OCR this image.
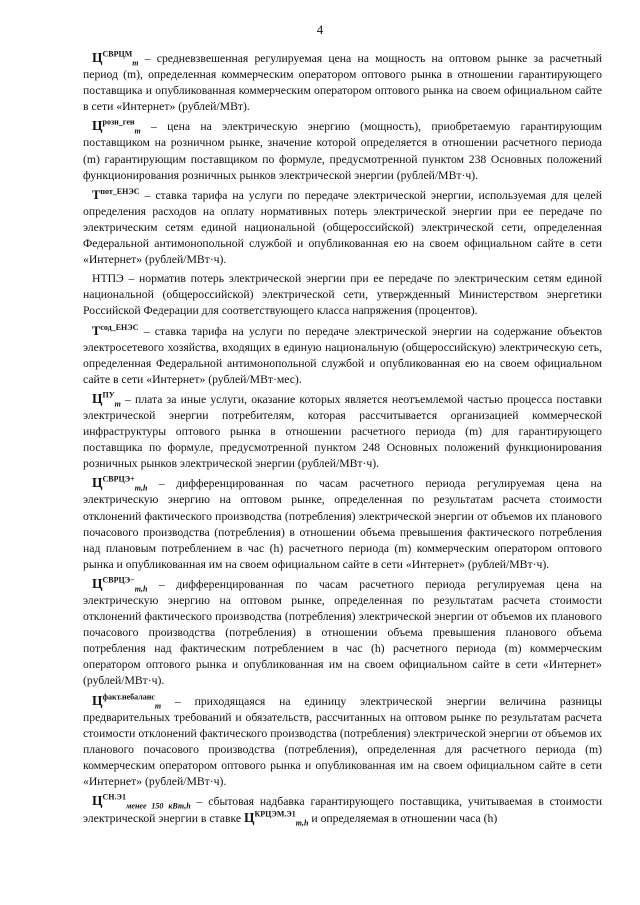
4

$Ц^{СВРЦМ}_m$ – средневзвешенная регулируемая цена на мощность на оптовом рынке за расчетный период (m), определенная коммерческим оператором оптового рынка в отношении гарантирующего поставщика и опубликованная коммерческим оператором оптового рынка на своем официальном сайте в сети «Интернет» (рублей/МВт).

$Ц^{розн\_ген}_m$ – цена на электрическую энергию (мощность), приобретаемую гарантирующим поставщиком на розничном рынке, значение которой определяется в отношении расчетного периода (m) гарантирующим поставщиком по формуле, предусмотренной пунктом 238 Основных положений функционирования розничных рынков электрической энергии (рублей/МВт·ч).

$Т^{пот\_ЕНЭС}$ – ставка тарифа на услуги по передаче электрической энергии, используемая для целей определения расходов на оплату нормативных потерь электрической энергии при ее передаче по электрическим сетям единой национальной (общероссийской) электрической сети, определенная Федеральной антимонопольной службой и опубликованная ею на своем официальном сайте в сети «Интернет» (рублей/МВт·ч).

НТПЭ – норматив потерь электрической энергии при ее передаче по электрическим сетям единой национальной (общероссийской) электрической сети, утвержденный Министерством энергетики Российской Федерации для соответствующего класса напряжения (процентов).

$Т^{сод\_ЕНЭС}$ – ставка тарифа на услуги по передаче электрической энергии на содержание объектов электросетевого хозяйства, входящих в единую национальную (общероссийскую) электрическую сеть, определенная Федеральной антимонопольной службой и опубликованная ею на своем официальном сайте в сети «Интернет» (рублей/МВт·мес).

$Ц^{ПУ}_m$ – плата за иные услуги, оказание которых является неотъемлемой частью процесса поставки электрической энергии потребителям, которая рассчитывается организацией коммерческой инфраструктуры оптового рынка в отношении расчетного периода (m) для гарантирующего поставщика по формуле, предусмотренной пунктом 248 Основных положений функционирования розничных рынков электрической энергии (рублей/МВт·ч).

$Ц^{СВРЦЭ+}_{m,h}$ – дифференцированная по часам расчетного периода регулируемая цена на электрическую энергию на оптовом рынке, определенная по результатам расчета стоимости отклонений фактического производства (потребления) электрической энергии от объемов их планового почасового производства (потребления) в отношении объема превышения фактического потребления над плановым потреблением в час (h) расчетного периода (m) коммерческим оператором оптового рынка и опубликованная им на своем официальном сайте в сети «Интернет» (рублей/МВт·ч).

$Ц^{СВРЦЭ-}_{m,h}$ – дифференцированная по часам расчетного периода регулируемая цена на электрическую энергию на оптовом рынке, определенная по результатам расчета стоимости отклонений фактического производства (потребления) электрической энергии от объемов их планового почасового производства (потребления) в отношении объема превышения планового объема потребления над фактическим потреблением в час (h) расчетного периода (m) коммерческим оператором оптового рынка и опубликованная им на своем официальном сайте в сети «Интернет» (рублей/МВт·ч).

$Ц^{факт.небаланс}_m$ – приходящаяся на единицу электрической энергии величина разницы предварительных требований и обязательств, рассчитанных на оптовом рынке по результатам расчета стоимости отклонений фактического производства (потребления) электрической энергии от объемов их планового почасового производства (потребления), определенная для расчетного периода (m) коммерческим оператором оптового рынка и опубликованная им на своем официальном сайте в сети «Интернет» (рублей/МВт·ч).

$Ц^{СН.Э1}_{менее 150 кВт,h}$ – сбытовая надбавка гарантирующего поставщика, учитываемая в стоимости электрической энергии в ставке $Ц^{КРЦЭМ.Э1}_{m,h}$ и определяемая в отношении часа (h)
